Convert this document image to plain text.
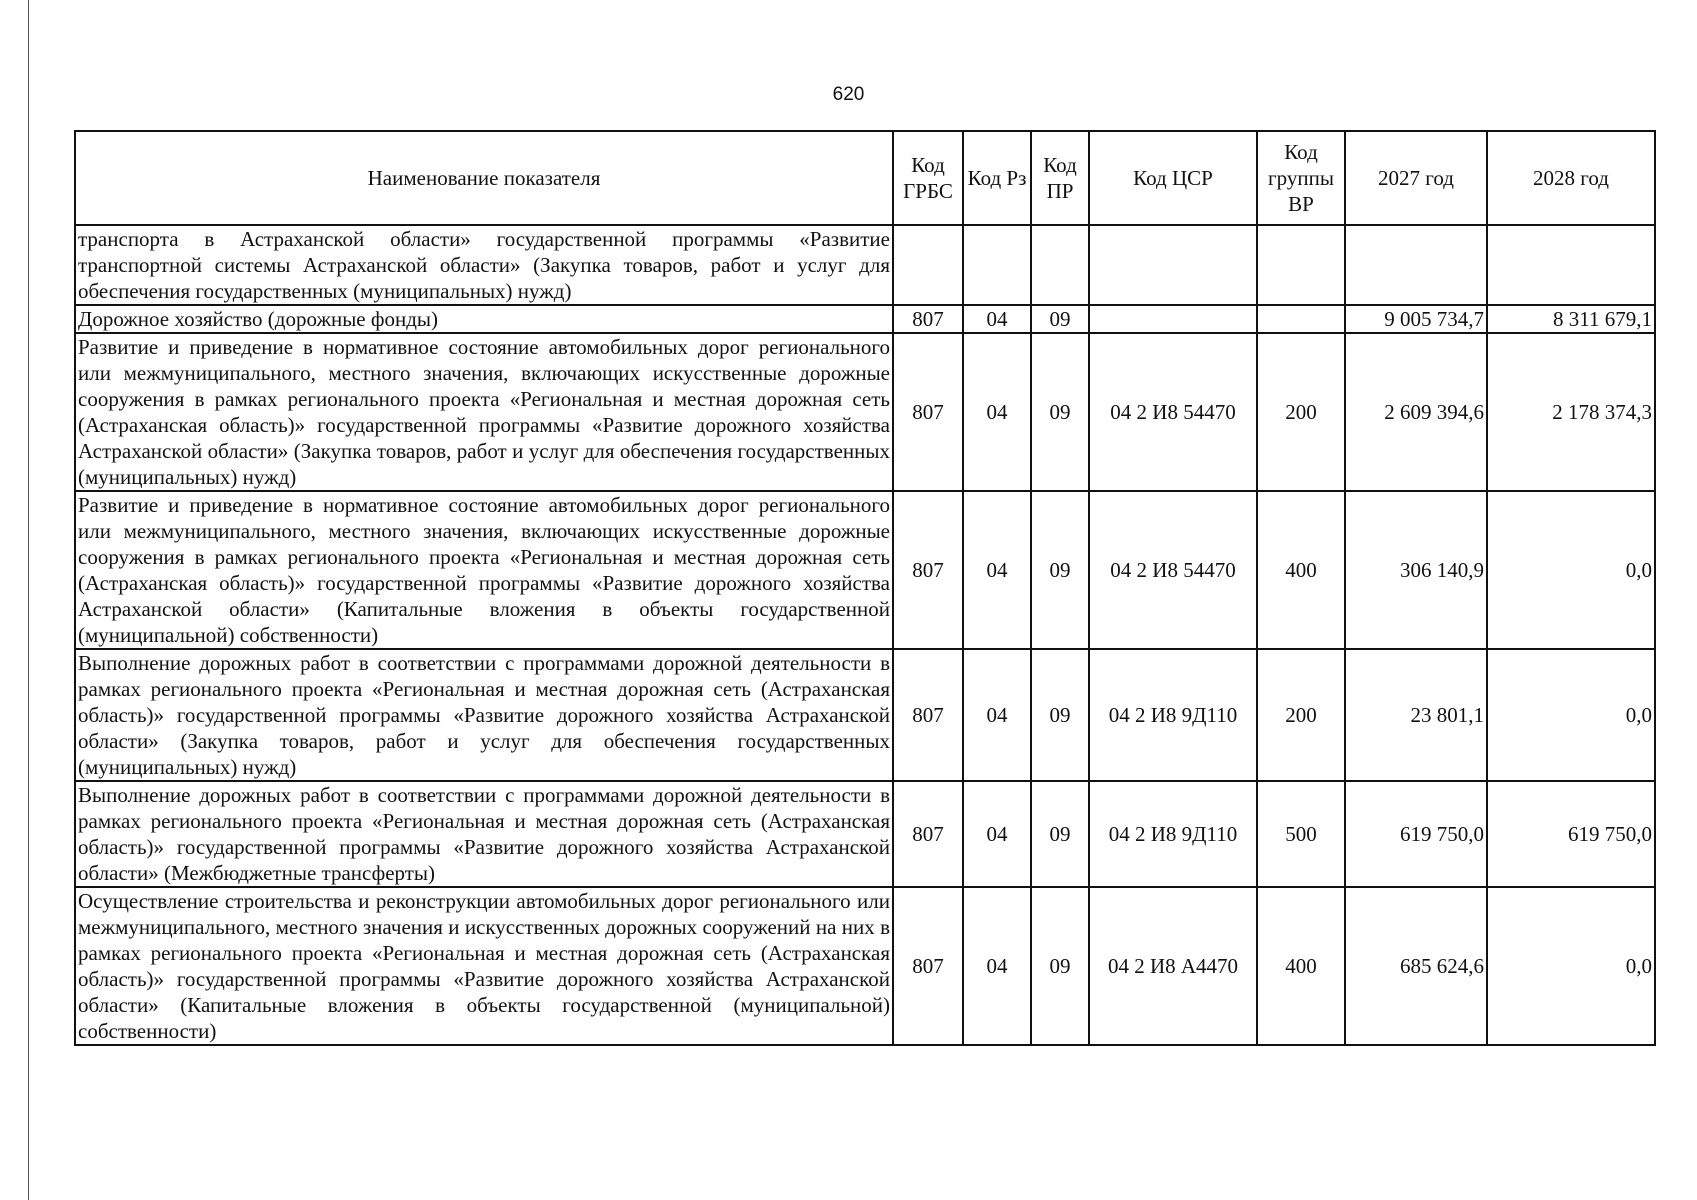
620
Наименование показателя	Код ГРБС	Код Рз	Код ПР	Код ЦСР	Код группы ВР	2027 год	2028 год
транспорта в Астраханской области» государственной программы «Развитие транспортной системы Астраханской области» (Закупка товаров, работ и услуг для обеспечения государственных (муниципальных) нужд)							
Дорожное хозяйство (дорожные фонды)	807	04	09			9 005 734,7	8 311 679,1
Развитие и приведение в нормативное состояние автомобильных дорог регионального или межмуниципального, местного значения, включающих искусственные дорожные сооружения в рамках регионального проекта «Региональная и местная дорожная сеть (Астраханская область)» государственной программы «Развитие дорожного хозяйства Астраханской области» (Закупка товаров, работ и услуг для обеспечения государственных (муниципальных) нужд)	807	04	09	04 2 И8 54470	200	2 609 394,6	2 178 374,3
Развитие и приведение в нормативное состояние автомобильных дорог регионального или межмуниципального, местного значения, включающих искусственные дорожные сооружения в рамках регионального проекта «Региональная и местная дорожная сеть (Астраханская область)» государственной программы «Развитие дорожного хозяйства Астраханской области» (Капитальные вложения в объекты государственной (муниципальной) собственности)	807	04	09	04 2 И8 54470	400	306 140,9	0,0
Выполнение дорожных работ в соответствии с программами дорожной деятельности в рамках регионального проекта «Региональная и местная дорожная сеть (Астраханская область)» государственной программы «Развитие дорожного хозяйства Астраханской области» (Закупка товаров, работ и услуг для обеспечения государственных (муниципальных) нужд)	807	04	09	04 2 И8 9Д110	200	23 801,1	0,0
Выполнение дорожных работ в соответствии с программами дорожной деятельности в рамках регионального проекта «Региональная и местная дорожная сеть (Астраханская область)» государственной программы «Развитие дорожного хозяйства Астраханской области» (Межбюджетные трансферты)	807	04	09	04 2 И8 9Д110	500	619 750,0	619 750,0
Осуществление строительства и реконструкции автомобильных дорог регионального или межмуниципального, местного значения и искусственных дорожных сооружений на них в рамках регионального проекта «Региональная и местная дорожная сеть (Астраханская область)» государственной программы «Развитие дорожного хозяйства Астраханской области» (Капитальные вложения в объекты государственной (муниципальной) собственности)	807	04	09	04 2 И8 А4470	400	685 624,6	0,0
